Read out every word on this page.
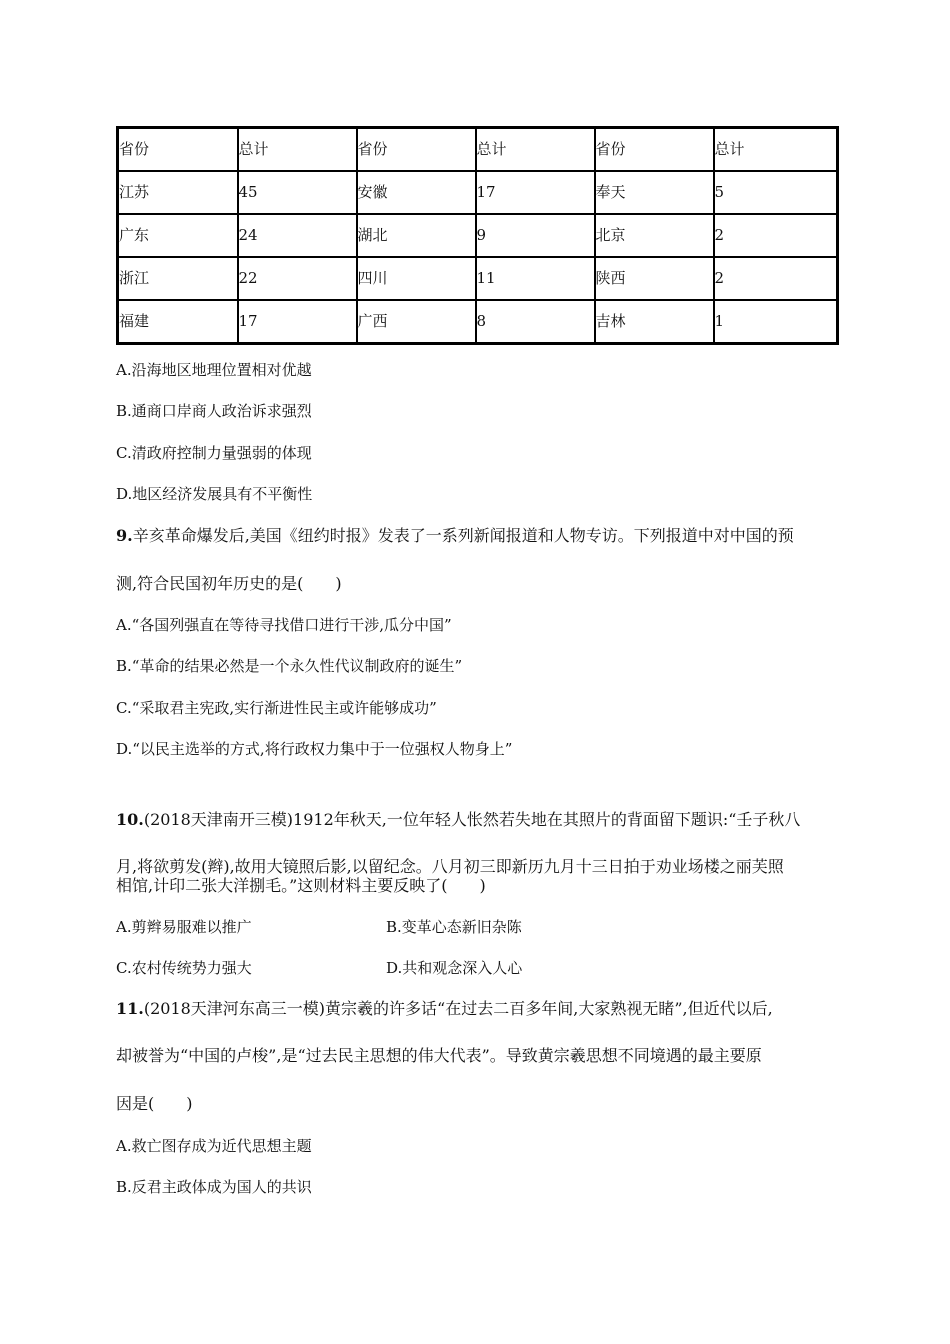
省份	总计	省份	总计	省份	总计
江苏	45	安徽	17	奉天	5
广东	24	湖北	9	北京	2
浙江	22	四川	11	陕西	2
福建	17	广西	8	吉林	1
A.沿海地区地理位置相对优越
B.通商口岸商人政治诉求强烈
C.清政府控制力量强弱的体现
D.地区经济发展具有不平衡性
9.辛亥革命爆发后,美国《纽约时报》发表了一系列新闻报道和人物专访。下列报道中对中国的预
测,符合民国初年历史的是(　　)
A.“各国列强直在等待寻找借口进行干涉,瓜分中国”
B.“革命的结果必然是一个永久性代议制政府的诞生”
C.“采取君主宪政,实行渐进性民主或许能够成功”
D.“以民主选举的方式,将行政权力集中于一位强权人物身上”
10.(2018天津南开三模)1912年秋天,一位年轻人怅然若失地在其照片的背面留下题识:“壬子秋八
月,将欲剪发(辫),故用大镜照后影,以留纪念。八月初三即新历九月十三日拍于劝业场楼之丽芙照
相馆,计印二张大洋捌毛。”这则材料主要反映了(　　)
A.剪辫易服难以推广	B.变革心态新旧杂陈
C.农村传统势力强大	D.共和观念深入人心
11.(2018天津河东高三一模)黄宗羲的许多话“在过去二百多年间,大家熟视无睹”,但近代以后,
却被誉为“中国的卢梭”,是“过去民主思想的伟大代表”。导致黄宗羲思想不同境遇的最主要原
因是(　　)
A.救亡图存成为近代思想主题
B.反君主政体成为国人的共识
